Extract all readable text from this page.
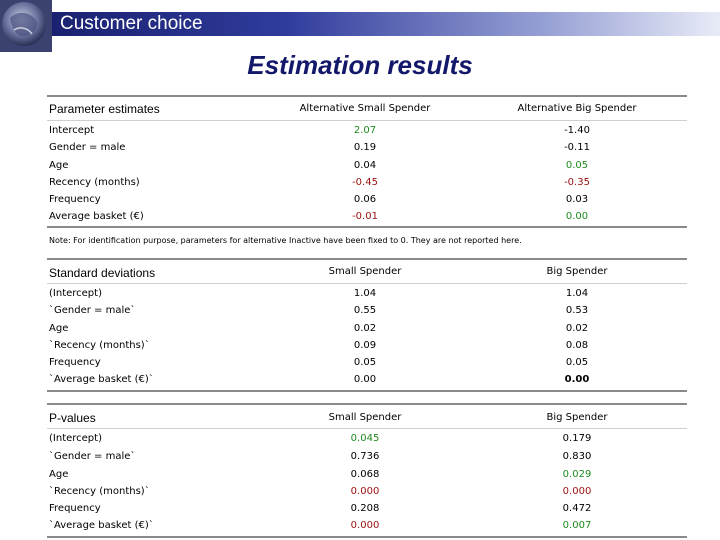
Customer choice
Estimation results
Parameter estimates	Alternative Small Spender	Alternative Big Spender
Intercept	2.07	-1.40
Gender = male	0.19	-0.11
Age	0.04	0.05
Recency (months)	-0.45	-0.35
Frequency	0.06	0.03
Average basket (€)	-0.01	0.00
Note: For identification purpose, parameters for alternative Inactive have been fixed to 0. They are not reported here.
Standard deviations	Small Spender	Big Spender
(Intercept)	1.04	1.04
`Gender = male`	0.55	0.53
Age	0.02	0.02
`Recency (months)`	0.09	0.08
Frequency	0.05	0.05
`Average basket (€)`	0.00	0.00
P-values	Small Spender	Big Spender
(Intercept)	0.045	0.179
`Gender = male`	0.736	0.830
Age	0.068	0.029
`Recency (months)`	0.000	0.000
Frequency	0.208	0.472
`Average basket (€)`	0.000	0.007
